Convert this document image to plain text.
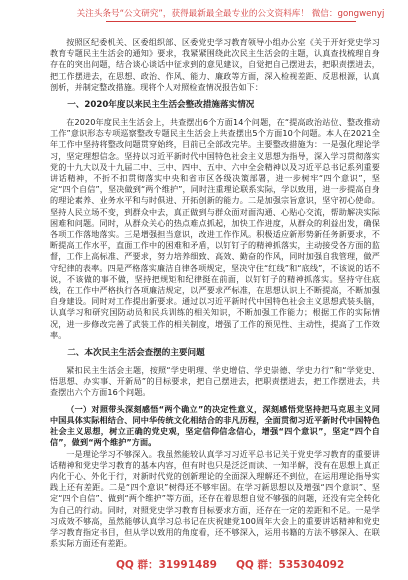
关注头条号“公文研究”，获得最新最全最专业的公文资料库！ 微信：gongwenyj

按照区纪委机关、区委组织部、区委党史学习教育领导小组办公室《关于开好党史学习教育专题民主生活会的通知》要求，我紧紧围绕此次民主生活会的主题，认真查找梳理自身存在的突出问题，结合谈心谈话中征求到的意见建议，自觉把自己摆进去，把职责摆进去，把工作摆进去，在思想、政治、作风、能力、廉政等方面，深入检视差距、反思根源，认真剖析，并制定整改措施。现将个人对照检查情况报告如下：

一、2020年度以来民主生活会整改措施落实情况

在2020年度民主生活会上，共查摆出6个方面14个问题，在“提高政治站位、整改推动工作”意识形态专项巡察整改专题民主生活会上共查摆出5个方面10个问题。本人在2021全年工作中坚持将整改问题贯穿始终，目前已全部改完毕。主要整改措施为：一是强化理论学习，坚定理想信念。坚持以习近平新时代中国特色社会主义思想为指导，深入学习贯彻落实党的十九大以及十九届二中、三中、四中、五中、六中全会精神以及习近平总书记系列重要讲话精神，不折不扣贯彻落实中央和省市区各级决策部署，进一步树牢“四个意识”，坚定“四个自信”，坚决做到“两个维护”，同时注重理论联系实际，学以致用，进一步提高自身的理论素养、业务水平和与时俱进、开拓创新的能力。二是加强宗旨意识，坚守初心使命。坚持人民立场不变，到群众中去，真正做到与群众面对面沟通、心贴心交流，帮助解决实际困难和问题。同时，从群众关心的热点难点抓起，加快工作进度，从群众的利益出发，确保各项工作落地落实。三是增强担当意识，改进工作作风。积极适应新形势新任务新要求，不断提高工作水平，直面工作中的困难和矛盾，以钉钉子的精神抓落实，主动接受各方面的监督，工作上高标准、严要求，努力培养细致、高效、勤奋的作风，同时加强自我管理，做严守纪律的表率。四是严格落实廉洁自律各项规定，坚决守住“红线”和“底线”，不该说的话不说，不该做的事不做，坚持把规矩和纪律挺在前面，以钉钉子的精神抓落实。坚持守住底线，在工作中严格执行各项廉洁规定，以严要求严标准，在思想认识上不断提高，不断加强自身建设。同时对工作提出新要求。通过以习近平新时代中国特色社会主义思想武装头脑，认真学习和研究国防动员和民兵训练的相关知识，不断加强工作能力；根据工作的实际情况，进一步修改完善了武装工作的相关制度，增强了工作的预见性、主动性，提高了工作效率。

二、本次民主生活会查摆的主要问题

紧扣民主生活会主题，按照“学史明理、学史增信、学史崇德、学史力行”和“学党史、悟思想、办实事、开新局”的目标要求，把自己摆进去，把职责摆进去，把工作摆进去，共查摆出六个方面16个问题。

（一）对照带头深刻感悟“两个确立”的决定性意义，深刻感悟党坚持把马克思主义同中国具体实际相结合、同中华传统文化相结合的非凡历程，全面贯彻习近平新时代中国特色社会主义思想，树立正确的党史观，坚定信仰信念信心，增强“四个意识”，坚定“四个自信”，做到“两个维护”方面。

一是理论学习不够深入。我虽然能较认真学习习近平总书记关于党史学习教育的重要讲话精神和党史学习教育的基本内容，但有时也只是泛泛而读、一知半解，没有在思想上真正内化于心、外化于行，对新时代党的创新理论的全面深入理解还不到位，在运用理论指导实践上还有差距。二是“四个意识”树得还不够牢固。在学习新思想以及增强“四个意识”、坚定“四个自信”、做到“两个维护”等方面，还存在着思想自觉不够强的问题，还没有完全转化为自己的行动。同时，对照党史学习教育目标要求方面，还存在一定的差距和不足。一是学习成效不够高，虽然能够认真学习总书记在庆祝建党100周年大会上的重要讲话精神和党史学习教育指定书目，但从学以致用的角度看，还不够深入，运用书籍的方法不够深入、在联系实际方面还有差距。

QQ 群：31991489 QQ 群：535304092
